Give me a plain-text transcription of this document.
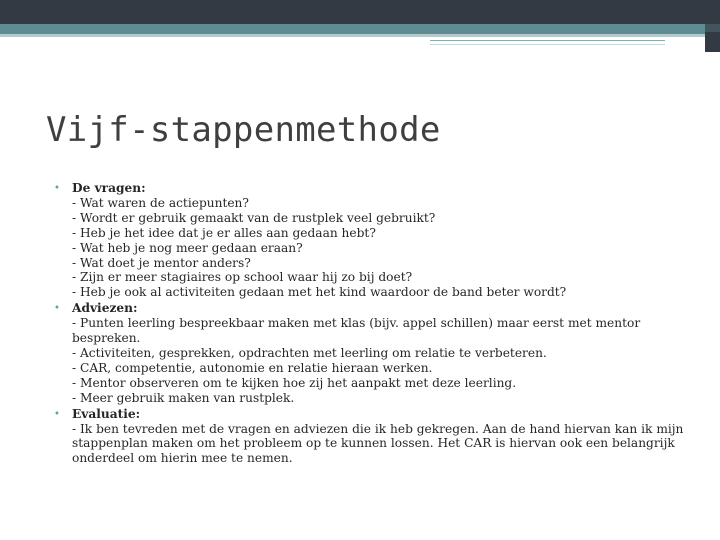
Vijf-stappenmethode
• De vragen:
- Wat waren de actiepunten?
- Wordt er gebruik gemaakt van de rustplek veel gebruikt?
- Heb je het idee dat je er alles aan gedaan hebt?
- Wat heb je nog meer gedaan eraan?
- Wat doet je mentor anders?
- Zijn er meer stagiaires op school waar hij zo bij doet?
- Heb je ook al activiteiten gedaan met het kind waardoor de band beter wordt?
• Adviezen:
- Punten leerling bespreekbaar maken met klas (bijv. appel schillen) maar eerst met mentor bespreken.
- Activiteiten, gesprekken, opdrachten met leerling om relatie te verbeteren.
- CAR, competentie, autonomie en relatie hieraan werken.
- Mentor observeren om te kijken hoe zij het aanpakt met deze leerling.
- Meer gebruik maken van rustplek.
• Evaluatie:
- Ik ben tevreden met de vragen en adviezen die ik heb gekregen. Aan de hand hiervan kan ik mijn stappenplan maken om het probleem op te kunnen lossen. Het CAR is hiervan ook een belangrijk onderdeel om hierin mee te nemen.
